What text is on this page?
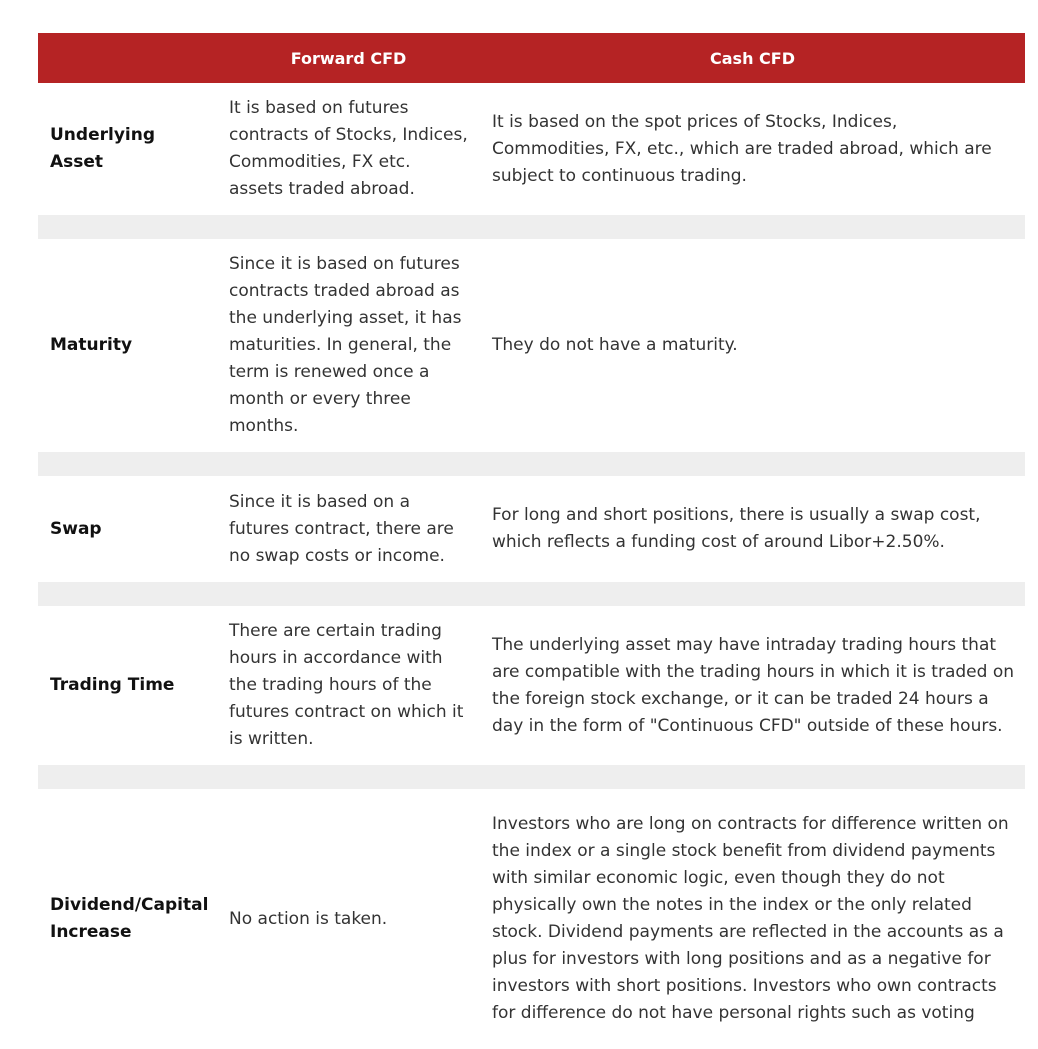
	Forward CFD	Cash CFD
Underlying Asset	It is based on futures contracts of Stocks, Indices, Commodities, FX etc. assets traded abroad.	It is based on the spot prices of Stocks, Indices, Commodities, FX, etc., which are traded abroad, which are subject to continuous trading.

Maturity	Since it is based on futures contracts traded abroad as the underlying asset, it has maturities. In general, the term is renewed once a month or every three months.	They do not have a maturity.

Swap	Since it is based on a futures contract, there are no swap costs or income.	For long and short positions, there is usually a swap cost, which reflects a funding cost of around Libor+2.50%.

Trading Time	There are certain trading hours in accordance with the trading hours of the futures contract on which it is written.	The underlying asset may have intraday trading hours that are compatible with the trading hours in which it is traded on the foreign stock exchange, or it can be traded 24 hours a day in the form of "Continuous CFD" outside of these hours.

Dividend/Capital Increase	No action is taken.	Investors who are long on contracts for difference written on the index or a single stock benefit from dividend payments with similar economic logic, even though they do not physically own the notes in the index or the only related stock. Dividend payments are reflected in the accounts as a plus for investors with long positions and as a negative for investors with short positions. Investors who own contracts for difference do not have personal rights such as voting
